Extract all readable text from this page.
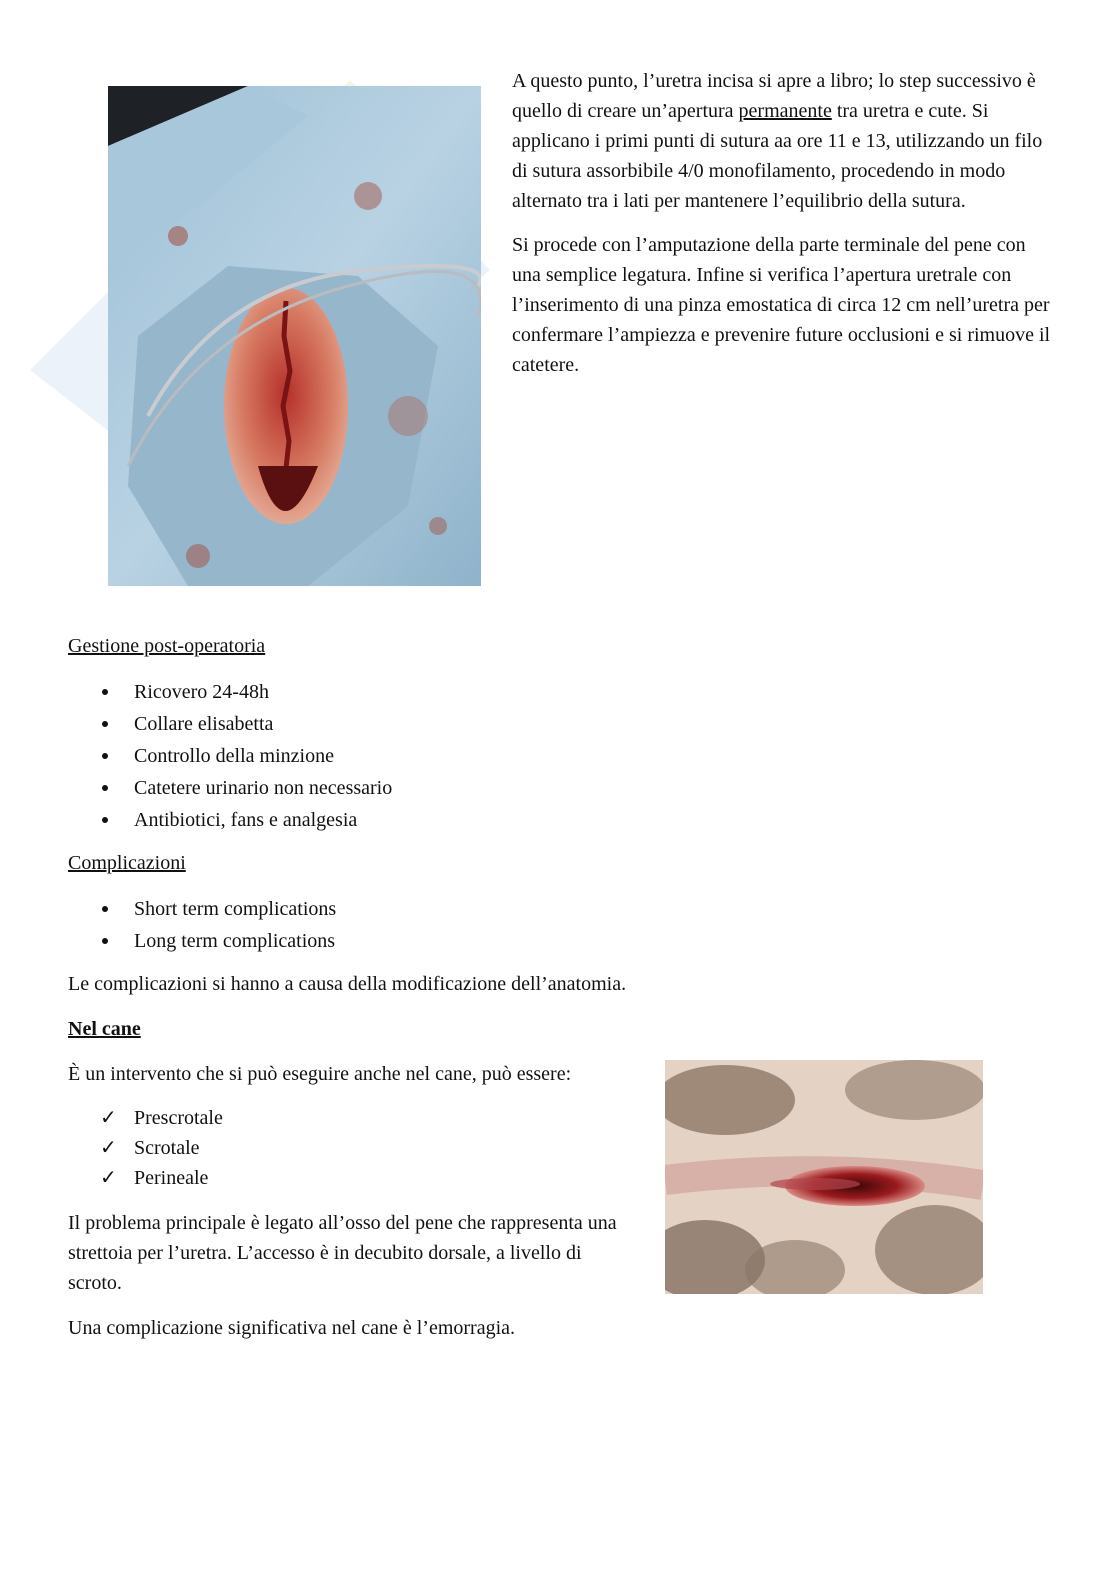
A questo punto, l’uretra incisa si apre a libro; lo step successivo è quello di creare un’apertura permanente tra uretra e cute. Si applicano i primi punti di sutura aa ore 11 e 13, utilizzando un filo di sutura assorbibile 4/0 monofilamento, procedendo in modo alternato tra i lati per mantenere l’equilibrio della sutura.

Si procede con l’amputazione della parte terminale del pene con una semplice legatura. Infine si verifica l’apertura uretrale con l’inserimento di una pinza emostatica di circa 12 cm nell’uretra per confermare l’ampiezza e prevenire future occlusioni e si rimuove il catetere.

Gestione post-operatoria

Ricovero 24-48h
Collare elisabetta
Controllo della minzione
Catetere urinario non necessario
Antibiotici, fans e analgesia

Complicazioni

Short term complications
Long term complications

Le complicazioni si hanno a causa della modificazione dell’anatomia.

Nel cane

È un intervento che si può eseguire anche nel cane, può essere:

✓ Prescrotale
✓ Scrotale
✓ Perineale

Il problema principale è legato all’osso del pene che rappresenta una strettoia per l’uretra. L’accesso è in decubito dorsale, a livello di scroto.

Una complicazione significativa nel cane è l’emorragia.
